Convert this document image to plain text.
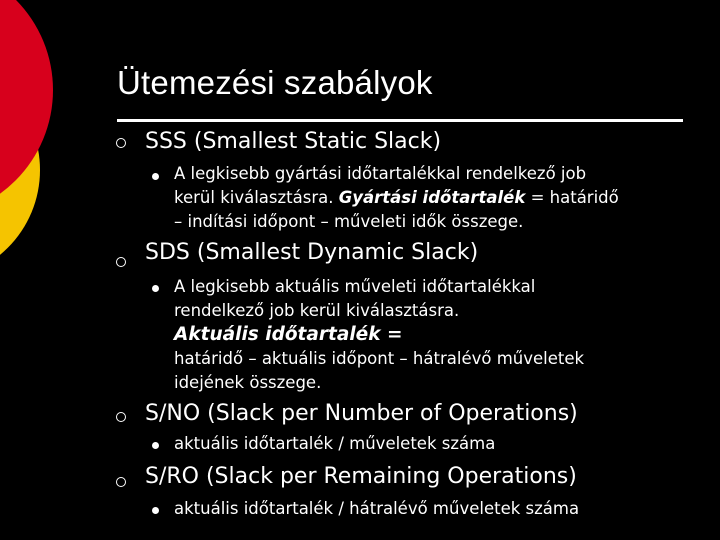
Ütemezési szabályok
SSS (Smallest Static Slack)
A legkisebb gyártási időtartalékkal rendelkező job
kerül kiválasztásra. Gyártási időtartalék = határidő
– indítási időpont – műveleti idők összege.
SDS (Smallest Dynamic Slack)
A legkisebb aktuális műveleti időtartalékkal
rendelkező job kerül kiválasztásra.
Aktuális időtartalék =
határidő – aktuális időpont – hátralévő műveletek
idejének összege.
S/NO (Slack per Number of Operations)
aktuális időtartalék / műveletek száma
S/RO (Slack per Remaining Operations)
aktuális időtartalék / hátralévő műveletek száma
